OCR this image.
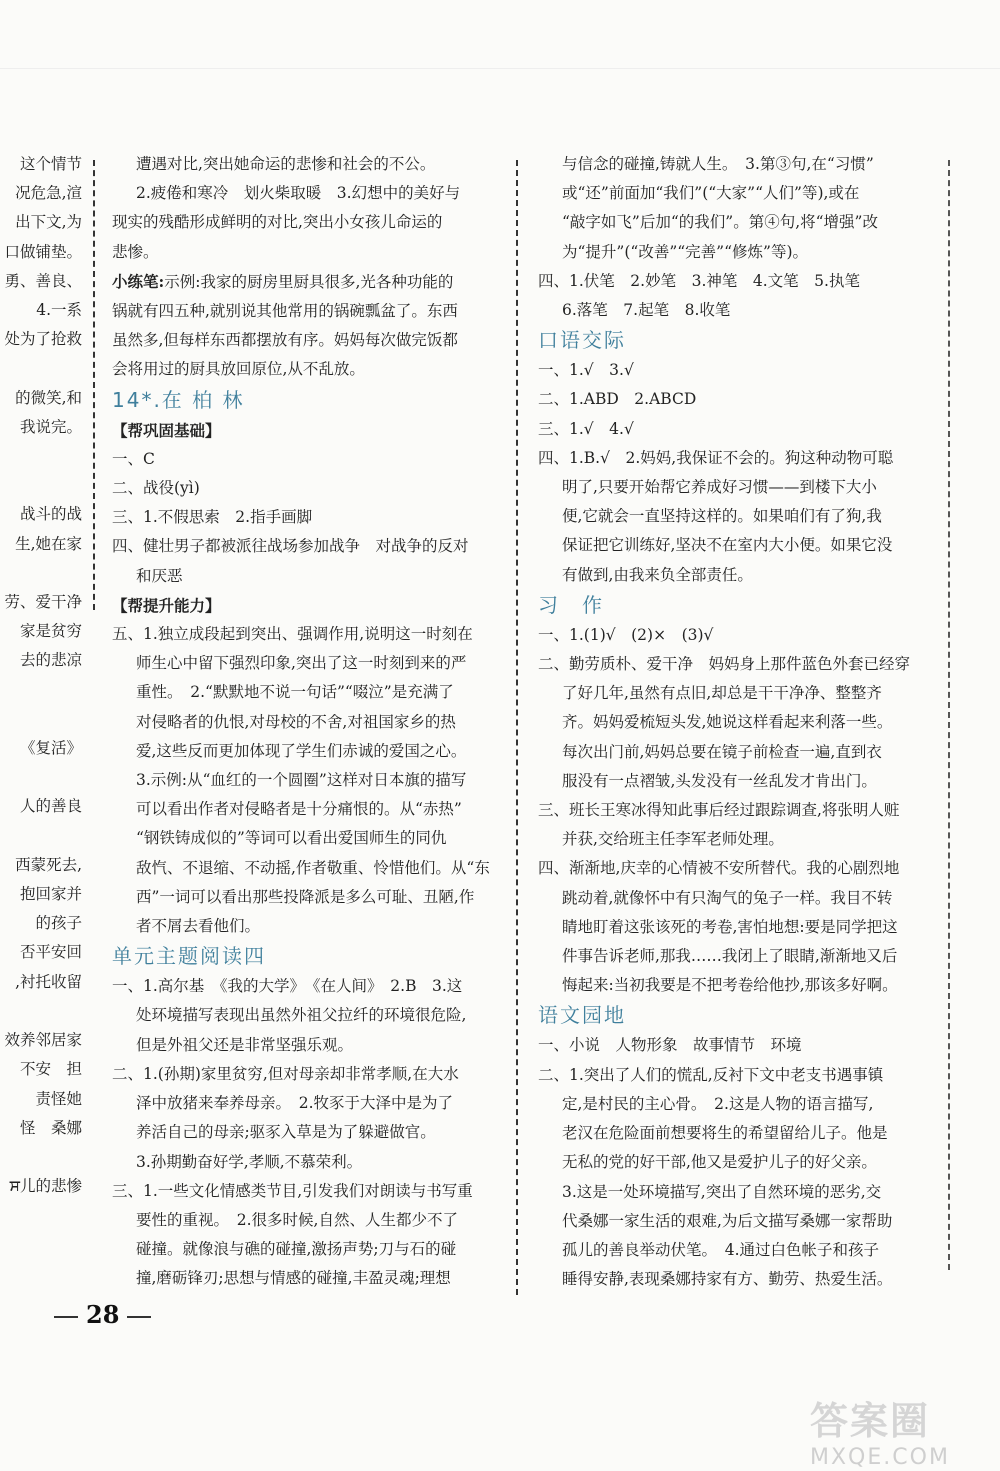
这个情节

况危急,渲

出下文,为

口做铺垫。

勇、善良、

4.一系

处为了抢救

的微笑,和

我说完。

战斗的战

生,她在家

劳、爱干净

家是贫穷

去的悲凉

《复活》

人的善良

西蒙死去,

抱回家并

的孩子

否平安回

,衬托收留

效养邻居家

不安　担

责怪她

怪　桑娜

ਸ儿的悲惨

遭遇对比,突出她命运的悲惨和社会的不公。

2.疲倦和寒冷　划火柴取暖　3.幻想中的美好与

现实的残酷形成鲜明的对比,突出小女孩儿命运的

悲惨。

小练笔:示例:我家的厨房里厨具很多,光各种功能的

锅就有四五种,就别说其他常用的锅碗瓢盆了。东西

虽然多,但每样东西都摆放有序。妈妈每次做完饭都

会将用过的厨具放回原位,从不乱放。

14*.在 柏 林

【帮巩固基础】

一、C

二、战役(yì)

三、1.不假思索　2.指手画脚

四、健壮男子都被派往战场参加战争　对战争的反对

和厌恶

【帮提升能力】

五、1.独立成段起到突出、强调作用,说明这一时刻在

师生心中留下强烈印象,突出了这一时刻到来的严

重性。　2.“默默地不说一句话”“啜泣”是充满了

对侵略者的仇恨,对母校的不舍,对祖国家乡的热

爱,这些反而更加体现了学生们赤诚的爱国之心。

3.示例:从“血红的一个圆圈”这样对日本旗的描写

可以看出作者对侵略者是十分痛恨的。从“赤热”

“钢铁铸成似的”等词可以看出爱国师生的同仇

敌忾、不退缩、不动摇,作者敬重、怜惜他们。从“东

西”一词可以看出那些投降派是多么可耻、丑陋,作

者不屑去看他们。

单元主题阅读四

一、1.高尔基　《我的大学》　《在人间》　2.B　3.这

处环境描写表现出虽然外祖父拉纤的环境很危险,

但是外祖父还是非常坚强乐观。

二、1.(孙期)家里贫穷,但对母亲却非常孝顺,在大水

泽中放猪来奉养母亲。　2.牧豕于大泽中是为了

养活自己的母亲;驱豕入草是为了躲避做官。

3.孙期勤奋好学,孝顺,不慕荣利。

三、1.一些文化情感类节目,引发我们对朗读与书写重

要性的重视。　2.很多时候,自然、人生都少不了

碰撞。就像浪与礁的碰撞,激扬声势;刀与石的碰

撞,磨砺锋刃;思想与情感的碰撞,丰盈灵魂;理想

与信念的碰撞,铸就人生。　3.第③句,在“习惯”

或“还”前面加“我们”(“大家”“人们”等),或在

“敲字如飞”后加“的我们”。第④句,将“增强”改

为“提升”(“改善”“完善”“修炼”等)。

四、1.伏笔　2.妙笔　3.神笔　4.文笔　5.执笔

6.落笔　7.起笔　8.收笔

口语交际

一、1.√　3.√

二、1.ABD　2.ABCD

三、1.√　4.√

四、1.B.√　2.妈妈,我保证不会的。狗这种动物可聪

明了,只要开始帮它养成好习惯——到楼下大小

便,它就会一直坚持这样的。如果咱们有了狗,我

保证把它训练好,坚决不在室内大小便。如果它没

有做到,由我来负全部责任。

习　作

一、1.(1)√　(2)×　(3)√

二、勤劳质朴、爱干净　妈妈身上那件蓝色外套已经穿

了好几年,虽然有点旧,却总是干干净净、整整齐

齐。妈妈爱梳短头发,她说这样看起来利落一些。

每次出门前,妈妈总要在镜子前检查一遍,直到衣

服没有一点褶皱,头发没有一丝乱发才肯出门。

三、班长王寒冰得知此事后经过跟踪调查,将张明人赃

并获,交给班主任李军老师处理。

四、渐渐地,庆幸的心情被不安所替代。我的心剧烈地

跳动着,就像怀中有只淘气的兔子一样。我目不转

睛地盯着这张该死的考卷,害怕地想:要是同学把这

件事告诉老师,那我……我闭上了眼睛,渐渐地又后

悔起来:当初我要是不把考卷给他抄,那该多好啊。

语文园地

一、小说　人物形象　故事情节　环境

二、1.突出了人们的慌乱,反衬下文中老支书遇事镇

定,是村民的主心骨。　2.这是人物的语言描写,

老汉在危险面前想要将生的希望留给儿子。他是

无私的党的好干部,他又是爱护儿子的好父亲。

3.这是一处环境描写,突出了自然环境的恶劣,交

代桑娜一家生活的艰难,为后文描写桑娜一家帮助

孤儿的善良举动伏笔。　4.通过白色帐子和孩子

睡得安静,表现桑娜持家有方、勤劳、热爱生活。

28
答案圈
MXQE.COM
